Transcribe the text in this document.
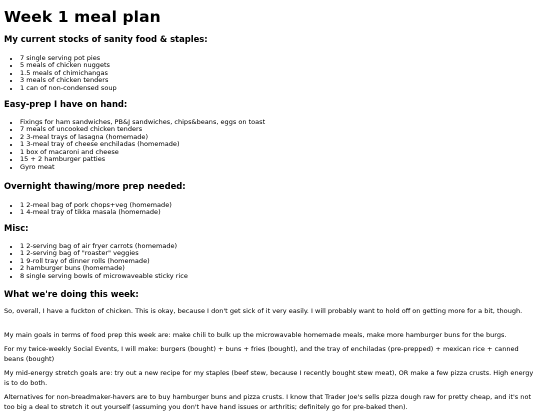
Week 1 meal plan
My current stocks of sanity food & staples:
• 7 single serving pot pies
• 5 meals of chicken nuggets
• 1.5 meals of chimichangas
• 3 meals of chicken tenders
• 1 can of non-condensed soup
Easy-prep I have on hand:
• Fixings for ham sandwiches, PB&J sandwiches, chips&beans, eggs on toast
• 7 meals of uncooked chicken tenders
• 2 3-meal trays of lasagna (homemade)
• 1 3-meal tray of cheese enchiladas (homemade)
• 1 box of macaroni and cheese
• 15 + 2 hamburger patties
• Gyro meat
Overnight thawing/more prep needed:
• 1 2-meal bag of pork chops+veg (homemade)
• 1 4-meal tray of tikka masala (homemade)
Misc:
• 1 2-serving bag of air fryer carrots (homemade)
• 1 2-serving bag of "roaster" veggies
• 1 9-roll tray of dinner rolls (homemade)
• 2 hamburger buns (homemade)
• 8 single serving bowls of microwaveable sticky rice
What we're doing this week:

So, overall, I have a fuckton of chicken. This is okay, because I don't get sick of it very easily. I will probably want to hold off on getting more for a bit, though.

My main goals in terms of food prep this week are: make chili to bulk up the microwavable homemade meals, make more hamburger buns for the burgs.

For my twice-weekly Social Events, I will make: burgers (bought) + buns + fries (bought), and the tray of enchiladas (pre-prepped) + mexican rice + canned beans (bought)

My mid-energy stretch goals are: try out a new recipe for my staples (beef stew, because I recently bought stew meat), OR make a few pizza crusts. High energy is to do both.

Alternatives for non-breadmaker-havers are to buy hamburger buns and pizza crusts. I know that Trader Joe's sells pizza dough raw for pretty cheap, and it's not too big a deal to stretch it out yourself (assuming you don't have hand issues or arthritis; definitely go for pre-baked then).
